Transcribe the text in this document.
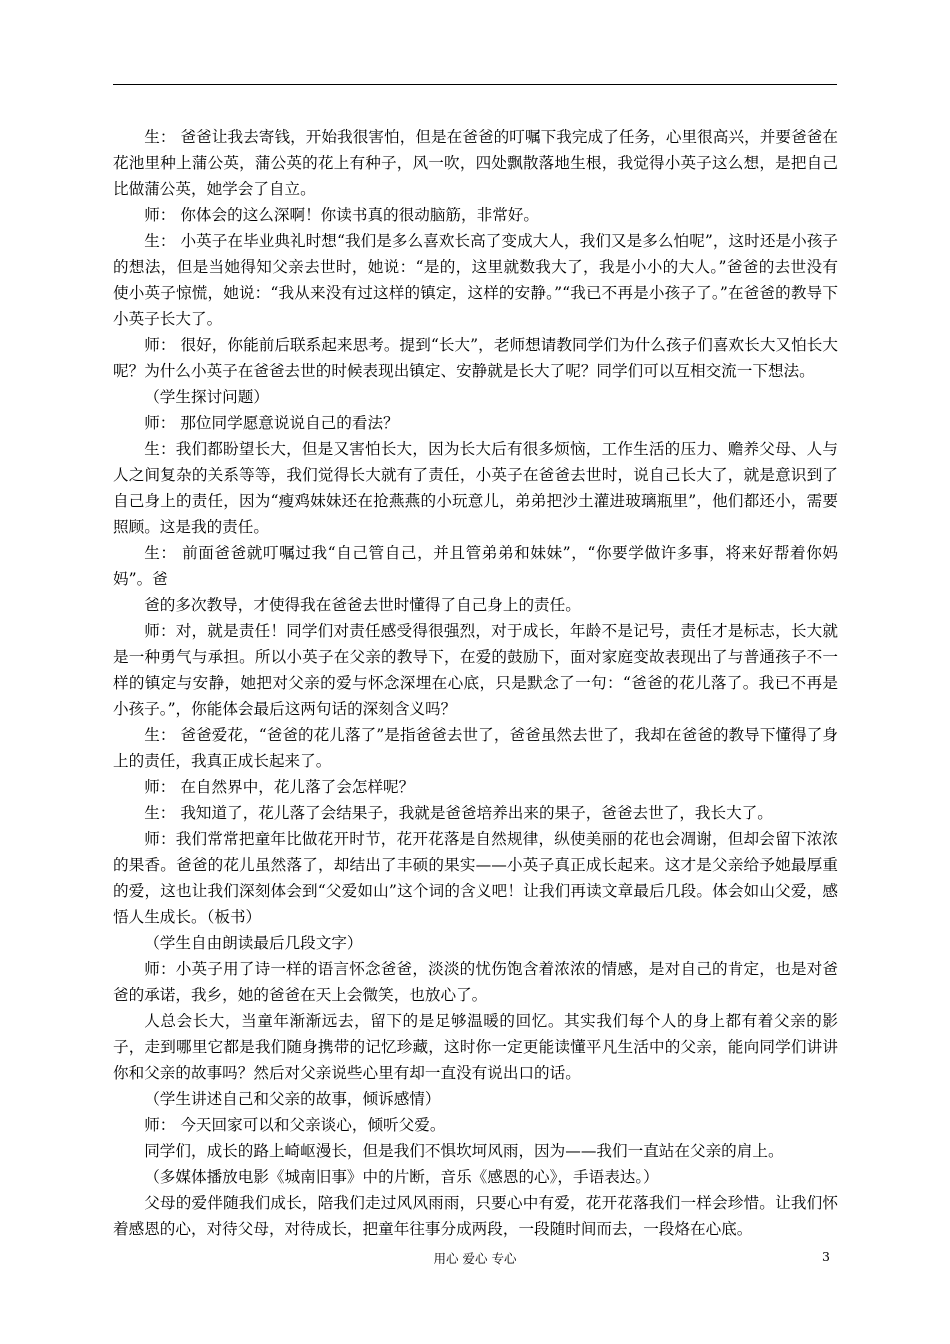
生： 爸爸让我去寄钱，开始我很害怕，但是在爸爸的叮嘱下我完成了任务，心里很高兴，并要爸爸在花池里种上蒲公英，蒲公英的花上有种子，风一吹，四处飘散落地生根，我觉得小英子这么想，是把自己比做蒲公英，她学会了自立。

师： 你体会的这么深啊！你读书真的很动脑筋，非常好。

生： 小英子在毕业典礼时想“我们是多么喜欢长高了变成大人，我们又是多么怕呢”，这时还是小孩子的想法，但是当她得知父亲去世时，她说：“是的，这里就数我大了，我是小小的大人。”爸爸的去世没有使小英子惊慌，她说：“我从来没有过这样的镇定，这样的安静。”“我已不再是小孩子了。”在爸爸的教导下小英子长大了。

师： 很好，你能前后联系起来思考。提到“长大”，老师想请教同学们为什么孩子们喜欢长大又怕长大呢？为什么小英子在爸爸去世的时候表现出镇定、安静就是长大了呢？同学们可以互相交流一下想法。

（学生探讨问题）

师： 那位同学愿意说说自己的看法？

生：我们都盼望长大，但是又害怕长大，因为长大后有很多烦恼，工作生活的压力、赡养父母、人与人之间复杂的关系等等，我们觉得长大就有了责任，小英子在爸爸去世时，说自己长大了，就是意识到了自己身上的责任，因为“瘦鸡妹妹还在抢燕燕的小玩意儿，弟弟把沙土灌进玻璃瓶里”，他们都还小，需要照顾。这是我的责任。

生： 前面爸爸就叮嘱过我“自己管自己，并且管弟弟和妹妹”，“你要学做许多事，将来好帮着你妈妈”。爸

爸的多次教导，才使得我在爸爸去世时懂得了自己身上的责任。

师：对，就是责任！同学们对责任感受得很强烈，对于成长，年龄不是记号，责任才是标志，长大就是一种勇气与承担。所以小英子在父亲的教导下，在爱的鼓励下，面对家庭变故表现出了与普通孩子不一样的镇定与安静，她把对父亲的爱与怀念深埋在心底，只是默念了一句：“爸爸的花儿落了。我已不再是小孩子。”，你能体会最后这两句话的深刻含义吗？

生： 爸爸爱花，“爸爸的花儿落了”是指爸爸去世了，爸爸虽然去世了，我却在爸爸的教导下懂得了身上的责任，我真正成长起来了。

师： 在自然界中，花儿落了会怎样呢？

生： 我知道了，花儿落了会结果子，我就是爸爸培养出来的果子，爸爸去世了，我长大了。

师：我们常常把童年比做花开时节，花开花落是自然规律，纵使美丽的花也会凋谢，但却会留下浓浓的果香。爸爸的花儿虽然落了，却结出了丰硕的果实——小英子真正成长起来。这才是父亲给予她最厚重的爱，这也让我们深刻体会到“父爱如山”这个词的含义吧！让我们再读文章最后几段。体会如山父爱，感悟人生成长。（板书）

（学生自由朗读最后几段文字）

师：小英子用了诗一样的语言怀念爸爸，淡淡的忧伤饱含着浓浓的情感，是对自己的肯定，也是对爸爸的承诺，我乡，她的爸爸在天上会微笑，也放心了。

人总会长大，当童年渐渐远去，留下的是足够温暖的回忆。其实我们每个人的身上都有着父亲的影子，走到哪里它都是我们随身携带的记忆珍藏，这时你一定更能读懂平凡生活中的父亲，能向同学们讲讲你和父亲的故事吗？然后对父亲说些心里有却一直没有说出口的话。

（学生讲述自己和父亲的故事，倾诉感情）

师： 今天回家可以和父亲谈心，倾听父爱。

同学们，成长的路上崎岖漫长，但是我们不惧坎坷风雨，因为——我们一直站在父亲的肩上。

（多媒体播放电影《城南旧事》中的片断，音乐《感恩的心》，手语表达。）

父母的爱伴随我们成长，陪我们走过风风雨雨，只要心中有爱，花开花落我们一样会珍惜。让我们怀着感恩的心，对待父母，对待成长，把童年往事分成两段，一段随时间而去，一段烙在心底。

用心 爱心 专心	3
